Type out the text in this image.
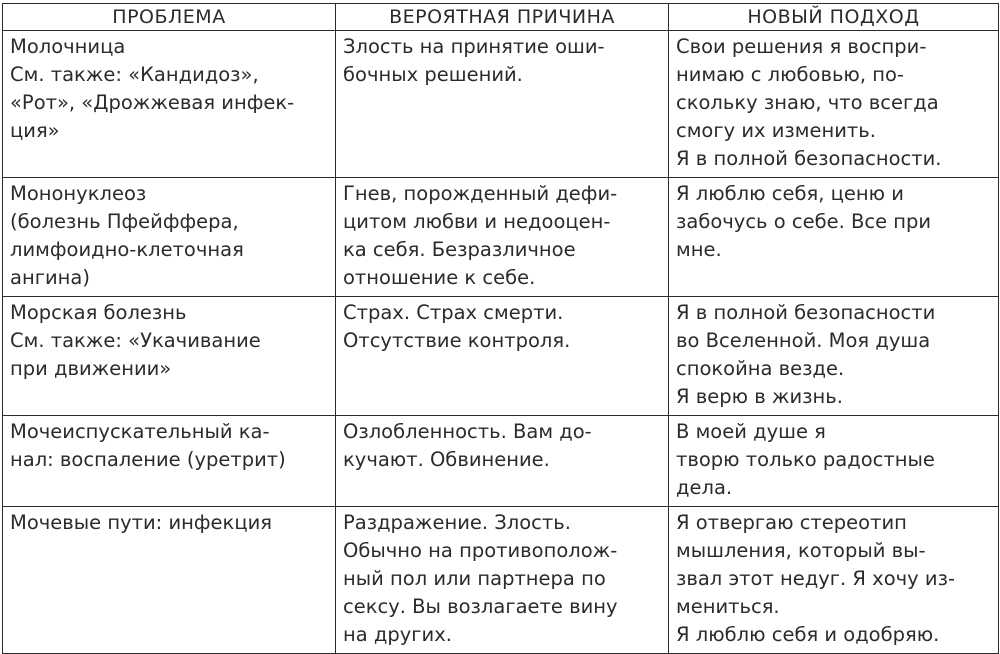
ПРОБЛЕМА	ВЕРОЯТНАЯ ПРИЧИНА	НОВЫЙ ПОДХОД

Молочница
См. также: «Кандидоз»,
«Рот», «Дрожжевая инфек-
ция»	Злость на принятие оши-
бочных решений.	Свои решения я воспри-
нимаю с любовью, по-
скольку знаю, что всегда
смогу их изменить.
Я в полной безопасности.

Мононуклеоз
(болезнь Пфейффера,
лимфоидно-клеточная
ангина)	Гнев, порожденный дефи-
цитом любви и недооцен-
ка себя. Безразличное
отношение к себе.	Я люблю себя, ценю и
забочусь о себе. Все при
мне.

Морская болезнь
См. также: «Укачивание
при движении»	Страх. Страх смерти.
Отсутствие контроля.	Я в полной безопасности
во Вселенной. Моя душа
спокойна везде.
Я верю в жизнь.

Мочеиспускательный ка-
нал: воспаление (уретрит)	Озлобленность. Вам до-
кучают. Обвинение.	В моей душе я
творю только радостные
дела.

Мочевые пути: инфекция	Раздражение. Злость.
Обычно на противополож-
ный пол или партнера по
сексу. Вы возлагаете вину
на других.	Я отвергаю стереотип
мышления, который вы-
звал этот недуг. Я хочу из-
мениться.
Я люблю себя и одобряю.
